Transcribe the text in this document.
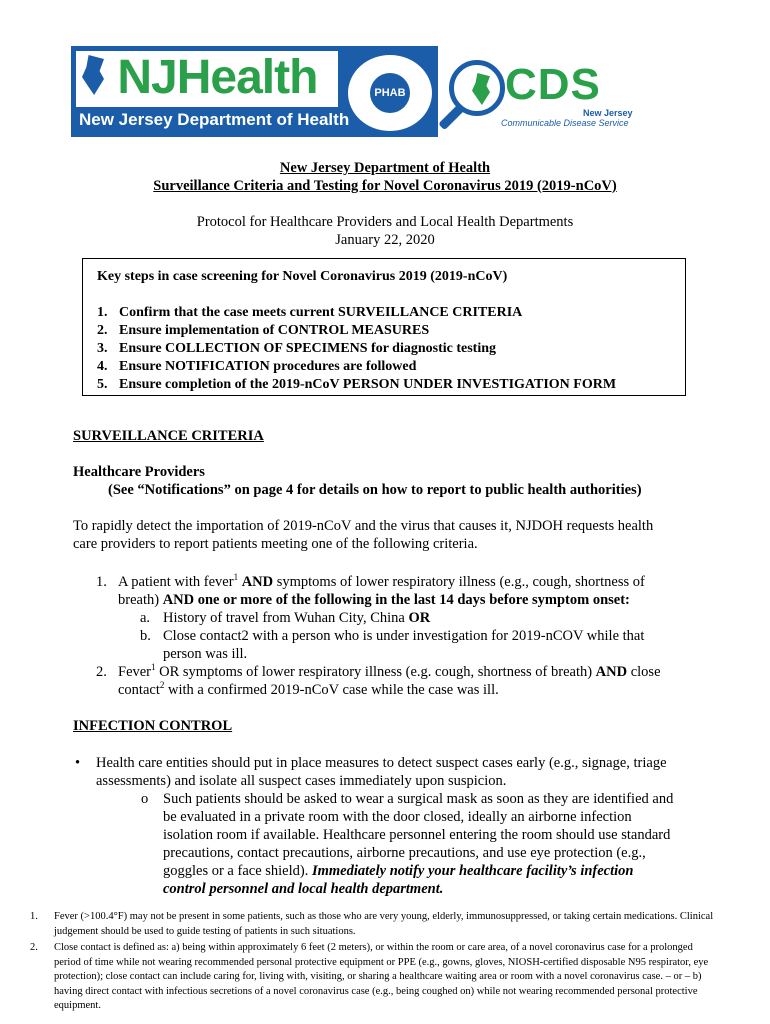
NJHealth
New Jersey Department of Health
PHAB CDS
New Jersey
Communicable Disease Service
New Jersey Department of Health
Surveillance Criteria and Testing for Novel Coronavirus 2019 (2019-nCoV)
Protocol for Healthcare Providers and Local Health Departments
January 22, 2020
Key steps in case screening for Novel Coronavirus 2019 (2019-nCoV)
1. Confirm that the case meets current SURVEILLANCE CRITERIA
2. Ensure implementation of CONTROL MEASURES
3. Ensure COLLECTION OF SPECIMENS for diagnostic testing
4. Ensure NOTIFICATION procedures are followed
5. Ensure completion of the 2019-nCoV PERSON UNDER INVESTIGATION FORM
SURVEILLANCE CRITERIA
Healthcare Providers
(See “Notifications” on page 4 for details on how to report to public health authorities)
To rapidly detect the importation of 2019-nCoV and the virus that causes it, NJDOH requests health
care providers to report patients meeting one of the following criteria.
1. A patient with fever$^1$ AND symptoms of lower respiratory illness (e.g., cough, shortness of
breath) AND one or more of the following in the last 14 days before symptom onset:
a. History of travel from Wuhan City, China OR
b. Close contact2 with a person who is under investigation for 2019-nCOV while that
person was ill.
2. Fever$^1$ OR symptoms of lower respiratory illness (e.g. cough, shortness of breath) AND close
contact$^2$ with a confirmed 2019-nCoV case while the case was ill.
INFECTION CONTROL
• Health care entities should put in place measures to detect suspect cases early (e.g., signage, triage
assessments) and isolate all suspect cases immediately upon suspicion.
o Such patients should be asked to wear a surgical mask as soon as they are identified and
be evaluated in a private room with the door closed, ideally an airborne infection
isolation room if available. Healthcare personnel entering the room should use standard
precautions, contact precautions, airborne precautions, and use eye protection (e.g.,
goggles or a face shield). Immediately notify your healthcare facility’s infection
control personnel and local health department.
1. Fever (>100.4°F) may not be present in some patients, such as those who are very young, elderly, immunosuppressed, or taking certain medications. Clinical judgement should be used to guide testing of patients in such situations.
2. Close contact is defined as: a) being within approximately 6 feet (2 meters), or within the room or care area, of a novel coronavirus case for a prolonged period of time while not wearing recommended personal protective equipment or PPE (e.g., gowns, gloves, NIOSH-certified disposable N95 respirator, eye protection); close contact can include caring for, living with, visiting, or sharing a healthcare waiting area or room with a novel coronavirus case. – or – b) having direct contact with infectious secretions of a novel coronavirus case (e.g., being coughed on) while not wearing recommended personal protective equipment.
